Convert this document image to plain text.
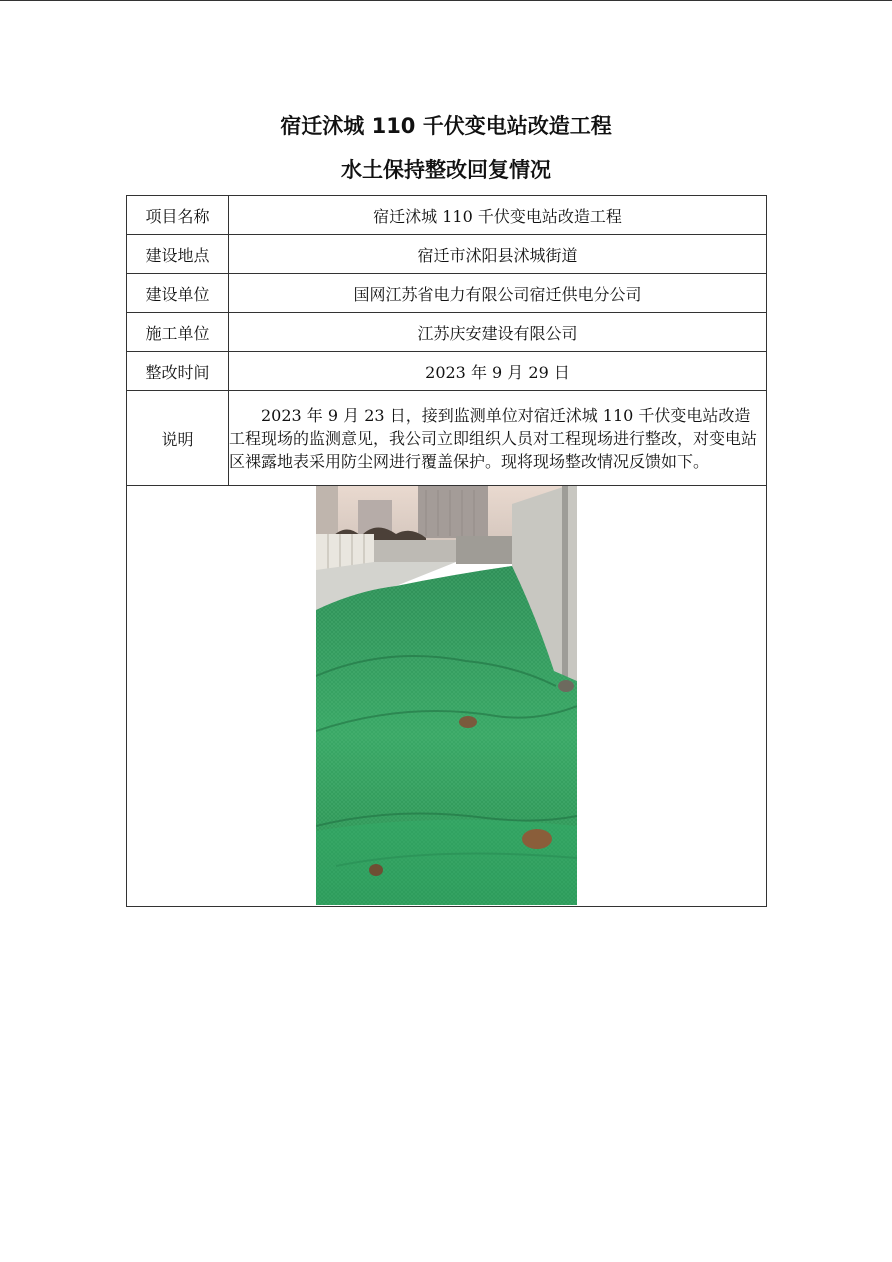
宿迁沭城 110 千伏变电站改造工程
水土保持整改回复情况
项目名称	宿迁沭城 110 千伏变电站改造工程
建设地点	宿迁市沭阳县沭城街道
建设单位	国网江苏省电力有限公司宿迁供电分公司
施工单位	江苏庆安建设有限公司
整改时间	2023 年 9 月 29 日
说明	　　2023 年 9 月 23 日，接到监测单位对宿迁沭城 110 千伏变电站改造工程现场的监测意见，我公司立即组织人员对工程现场进行整改，对变电站区裸露地表采用防尘网进行覆盖保护。现将现场整改情况反馈如下。
